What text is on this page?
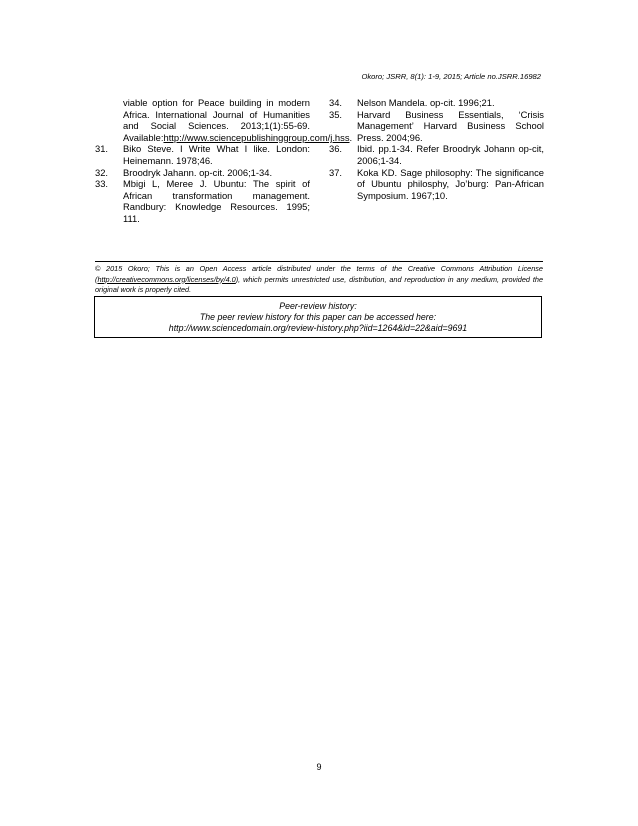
Okoro; JSRR, 8(1): 1-9, 2015; Article no.JSRR.16982
viable option for Peace building in modern Africa. International Journal of Humanities and Social Sciences. 2013;1(1):55-69. Available:http://www.sciencepublishinggroup.com/j.hss.
31. Biko Steve. I Write What I like. London: Heinemann. 1978;46.
32. Broodryk Jahann. op-cit. 2006;1-34.
33. Mbigi L, Meree J. Ubuntu: The spirit of African transformation management. Randbury: Knowledge Resources. 1995; 111.
34. Nelson Mandela. op-cit. 1996;21.
35. Harvard Business Essentials, ‘Crisis Management’ Harvard Business School Press. 2004;96.
36. Ibid. pp.1-34. Refer Broodryk Johann op-cit, 2006;1-34.
37. Koka KD. Sage philosophy: The significance of Ubuntu philosphy, Jo’burg: Pan-African Symposium. 1967;10.
© 2015 Okoro; This is an Open Access article distributed under the terms of the Creative Commons Attribution License (http://creativecommons.org/licenses/by/4.0), which permits unrestricted use, distribution, and reproduction in any medium, provided the original work is properly cited.
Peer-review history:
The peer review history for this paper can be accessed here:
http://www.sciencedomain.org/review-history.php?iid=1264&id=22&aid=9691
9
